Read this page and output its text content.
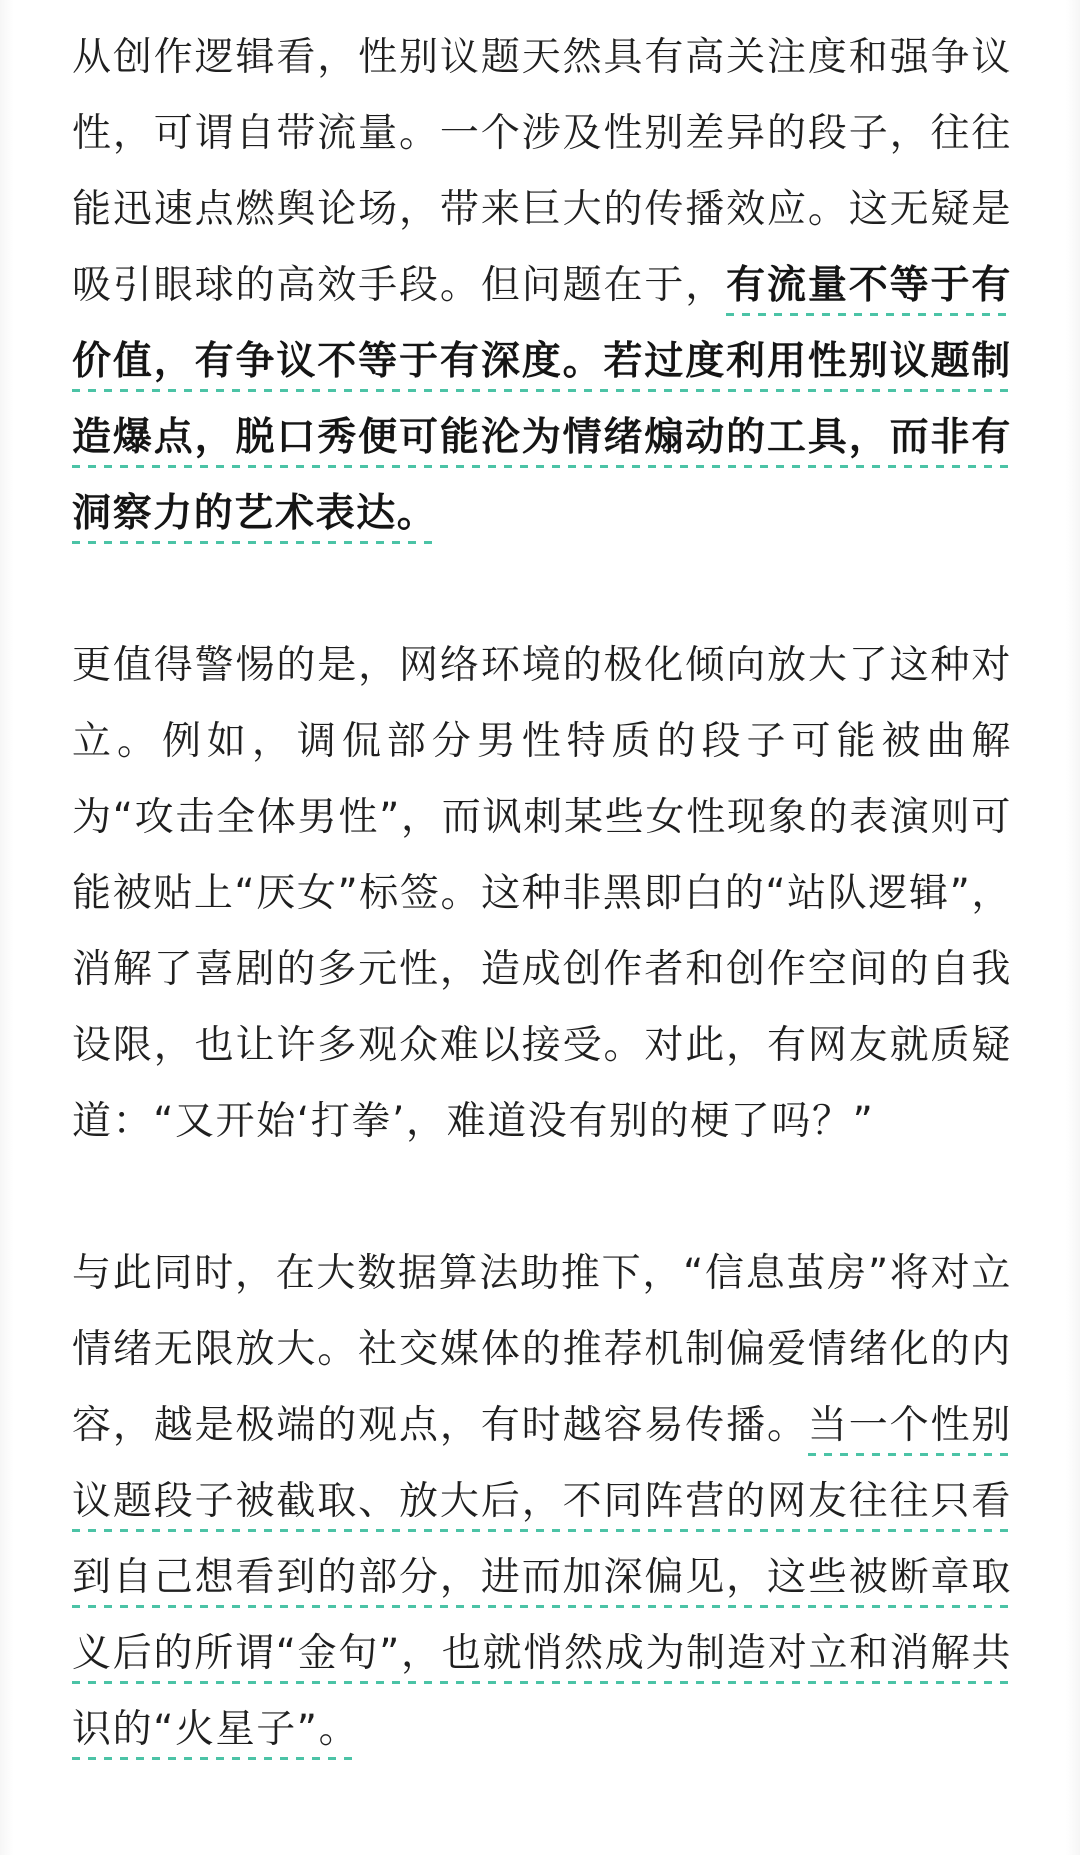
从创作逻辑看，性别议题天然具有高关注度和强争议性，可谓自带流量。一个涉及性别差异的段子，往往能迅速点燃舆论场，带来巨大的传播效应。这无疑是吸引眼球的高效手段。但问题在于，有流量不等于有价值，有争议不等于有深度。若过度利用性别议题制造爆点，脱口秀便可能沦为情绪煽动的工具，而非有洞察力的艺术表达。

更值得警惕的是，网络环境的极化倾向放大了这种对立。例如，调侃部分男性特质的段子可能被曲解为“攻击全体男性”，而讽刺某些女性现象的表演则可能被贴上“厌女”标签。这种非黑即白的“站队逻辑”，消解了喜剧的多元性，造成创作者和创作空间的自我设限，也让许多观众难以接受。对此，有网友就质疑道：“又开始‘打拳’，难道没有别的梗了吗？”

与此同时，在大数据算法助推下，“信息茧房”将对立情绪无限放大。社交媒体的推荐机制偏爱情绪化的内容，越是极端的观点，有时越容易传播。当一个性别议题段子被截取、放大后，不同阵营的网友往往只看到自己想看到的部分，进而加深偏见，这些被断章取义后的所谓“金句”，也就悄然成为制造对立和消解共识的“火星子”。
